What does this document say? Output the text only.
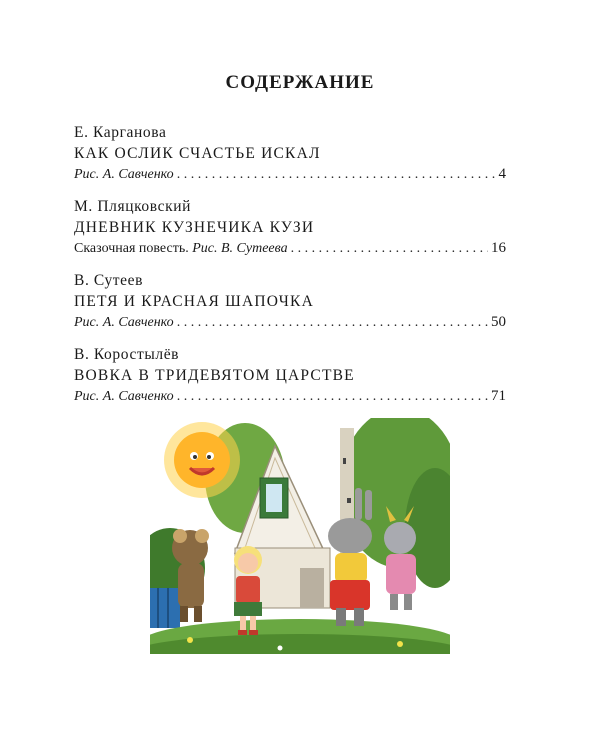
СОДЕРЖАНИЕ
Е. Карганова
КАК ОСЛИК СЧАСТЬЕ ИСКАЛ
Рис. А. Савченко . . .	4
М. Пляцковский
ДНЕВНИК КУЗНЕЧИКА КУЗИ
Сказочная повесть.
Рис. В. Сутеева . . .	16
В. Сутеев
ПЕТЯ И КРАСНАЯ ШАПОЧКА
Рис. А. Савченко . . .	50
В. Коростылёв
ВОВКА В ТРИДЕВЯТОМ ЦАРСТВЕ
Рис. А. Савченко . . .	71
